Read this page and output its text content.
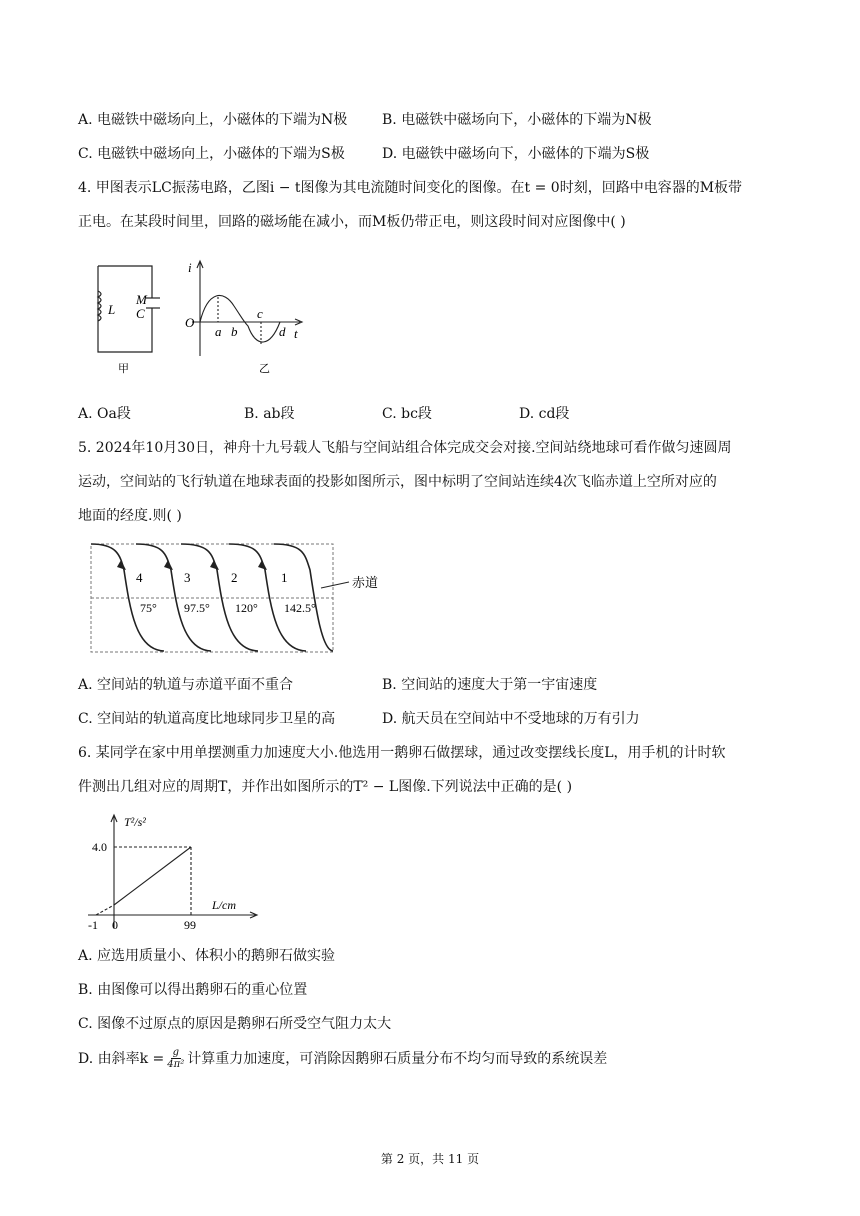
A. 电磁铁中磁场向上，小磁体的下端为N极 B. 电磁铁中磁场向下，小磁体的下端为N极
C. 电磁铁中磁场向上，小磁体的下端为S极	D. 电磁铁中磁场向下，小磁体的下端为S极
4. 甲图表示LC振荡电路，乙图i − t图像为其电流随时间变化的图像。在t = 0时刻，回路中电容器的M板带
正电。在某段时间里，回路的磁场能在减小，而M板仍带正电，则这段时间对应图像中( )
L
M
C
甲
i
O
t
a b
c
d
乙
A. Oa段	B. ab段	C. bc段	D. cd段
5. 2024年10月30日，神舟十九号载人飞船与空间站组合体完成交会对接.空间站绕地球可看作做匀速圆周
运动，空间站的飞行轨道在地球表面的投影如图所示，图中标明了空间站连续4次飞临赤道上空所对应的
地面的经度.则( )
4	3	2	1
75° 97.5° 120° 142.5°
赤道
A. 空间站的轨道与赤道平面不重合	B. 空间站的速度大于第一宇宙速度
C. 空间站的轨道高度比地球同步卫星的高	D. 航天员在空间站中不受地球的万有引力
6. 某同学在家中用单摆测重力加速度大小.他选用一鹅卵石做摆球，通过改变摆线长度L，用手机的计时软
件测出几组对应的周期T，并作出如图所示的T² − L图像.下列说法中正确的是( )
T²/s²
L/cm
4.0
-1 0	99
A. 应选用质量小、体积小的鹅卵石做实验
B. 由图像可以得出鹅卵石的重心位置
C. 图像不过原点的原因是鹅卵石所受空气阻力太大
D. 由斜率$k = \frac{g}{\text{4π²}}$ 计算重力加速度，可消除因鹅卵石质量分布不均匀而导致的系统误差
第 2 页，共 11 页
